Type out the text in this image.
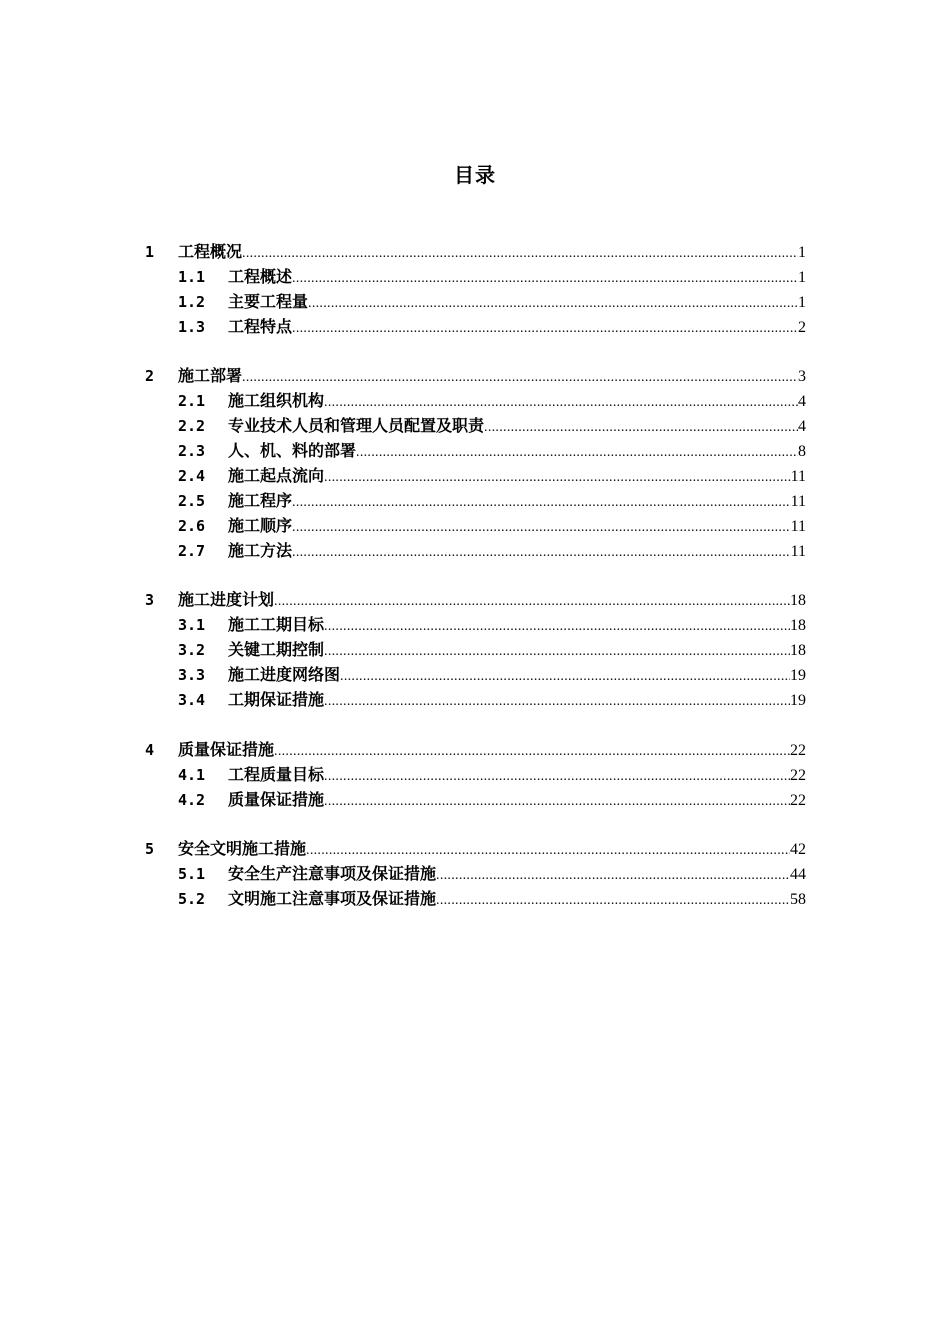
目录
1	工程概况 .....	1
1.1	工程概述 .....	1
1.2	主要工程量 .....	1
1.3	工程特点 .....	2
2	施工部署 .....	3
2.1	施工组织机构 .....	4
2.2	专业技术人员和管理人员配置及职责 .....	4
2.3	人、机、料的部署 .....	8
2.4	施工起点流向 .....	11
2.5	施工程序 .....	11
2.6	施工顺序 .....	11
2.7	施工方法 .....	11
3	施工进度计划 .....	18
3.1	施工工期目标 .....	18
3.2	关键工期控制 .....	18
3.3	施工进度网络图 .....	19
3.4	工期保证措施 .....	19
4	质量保证措施 .....	22
4.1	工程质量目标 .....	22
4.2	质量保证措施 .....	22
5	安全文明施工措施 .....	42
5.1	安全生产注意事项及保证措施 .....	44
5.2	文明施工注意事项及保证措施 .....	58
